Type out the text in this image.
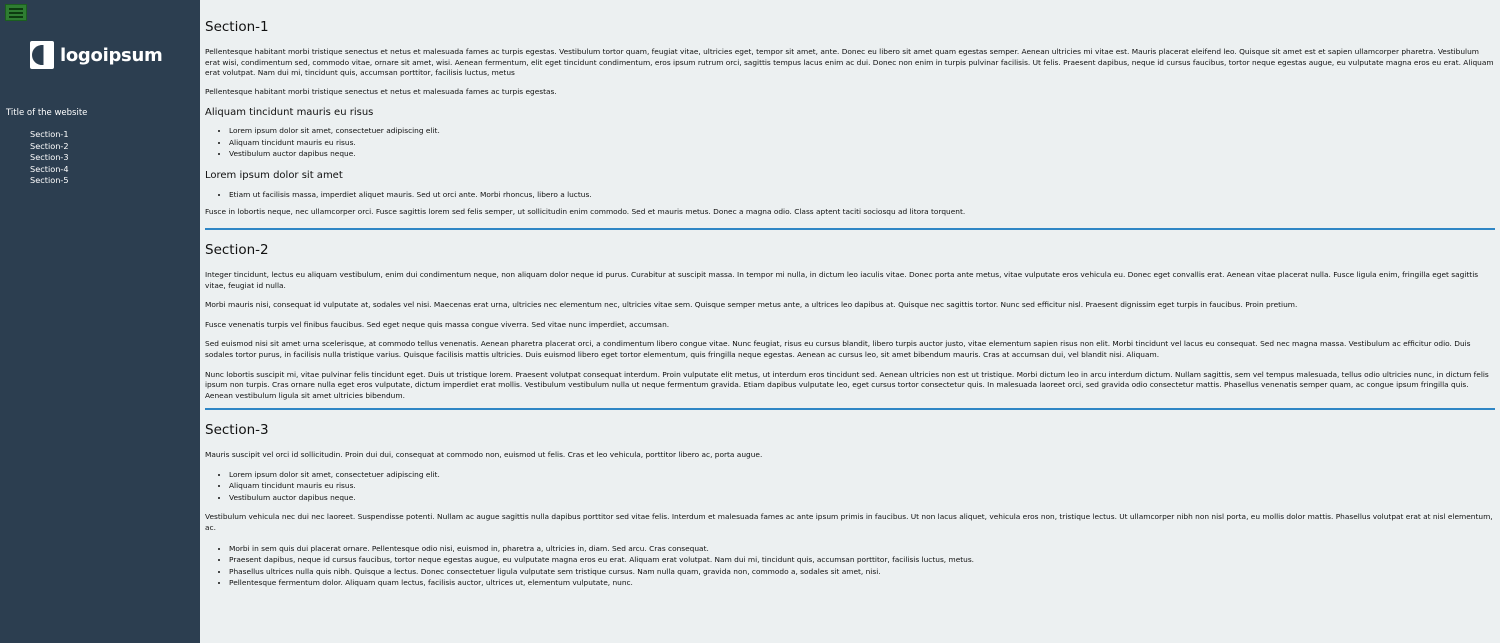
logoipsum
Title of the website
Section-1
Section-2
Section-3
Section-4
Section-5
Section-1

Pellentesque habitant morbi tristique senectus et netus et malesuada fames ac turpis egestas. Vestibulum tortor quam, feugiat vitae, ultricies eget, tempor sit amet, ante. Donec eu libero sit amet quam egestas semper. Aenean ultricies mi vitae est. Mauris placerat eleifend leo. Quisque sit amet est et sapien ullamcorper pharetra. Vestibulum erat wisi, condimentum sed, commodo vitae, ornare sit amet, wisi. Aenean fermentum, elit eget tincidunt condimentum, eros ipsum rutrum orci, sagittis tempus lacus enim ac dui. Donec non enim in turpis pulvinar facilisis. Ut felis. Praesent dapibus, neque id cursus faucibus, tortor neque egestas augue, eu vulputate magna eros eu erat. Aliquam erat volutpat. Nam dui mi, tincidunt quis, accumsan porttitor, facilisis luctus, metus

Pellentesque habitant morbi tristique senectus et netus et malesuada fames ac turpis egestas.

Aliquam tincidunt mauris eu risus
• Lorem ipsum dolor sit amet, consectetuer adipiscing elit.
• Aliquam tincidunt mauris eu risus.
• Vestibulum auctor dapibus neque.
Lorem ipsum dolor sit amet
• Etiam ut facilisis massa, imperdiet aliquet mauris. Sed ut orci ante. Morbi rhoncus, libero a luctus.

Fusce in lobortis neque, nec ullamcorper orci. Fusce sagittis lorem sed felis semper, ut sollicitudin enim commodo. Sed et mauris metus. Donec a magna odio. Class aptent taciti sociosqu ad litora torquent.

Section-2

Integer tincidunt, lectus eu aliquam vestibulum, enim dui condimentum neque, non aliquam dolor neque id purus. Curabitur at suscipit massa. In tempor mi nulla, in dictum leo iaculis vitae. Donec porta ante metus, vitae vulputate eros vehicula eu. Donec eget convallis erat. Aenean vitae placerat nulla. Fusce ligula enim, fringilla eget sagittis vitae, feugiat id nulla.

Morbi mauris nisi, consequat id vulputate at, sodales vel nisi. Maecenas erat urna, ultricies nec elementum nec, ultricies vitae sem. Quisque semper metus ante, a ultrices leo dapibus at. Quisque nec sagittis tortor. Nunc sed efficitur nisl. Praesent dignissim eget turpis in faucibus. Proin pretium.

Fusce venenatis turpis vel finibus faucibus. Sed eget neque quis massa congue viverra. Sed vitae nunc imperdiet, accumsan.

Sed euismod nisi sit amet urna scelerisque, at commodo tellus venenatis. Aenean pharetra placerat orci, a condimentum libero congue vitae. Nunc feugiat, risus eu cursus blandit, libero turpis auctor justo, vitae elementum sapien risus non elit. Morbi tincidunt vel lacus eu consequat. Sed nec magna massa. Vestibulum ac efficitur odio. Duis sodales tortor purus, in facilisis nulla tristique varius. Quisque facilisis mattis ultricies. Duis euismod libero eget tortor elementum, quis fringilla neque egestas. Aenean ac cursus leo, sit amet bibendum mauris. Cras at accumsan dui, vel blandit nisi. Aliquam.

Nunc lobortis suscipit mi, vitae pulvinar felis tincidunt eget. Duis ut tristique lorem. Praesent volutpat consequat interdum. Proin vulputate elit metus, ut interdum eros tincidunt sed. Aenean ultricies non est ut tristique. Morbi dictum leo in arcu interdum dictum. Nullam sagittis, sem vel tempus malesuada, tellus odio ultricies nunc, in dictum felis ipsum non turpis. Cras ornare nulla eget eros vulputate, dictum imperdiet erat mollis. Vestibulum vestibulum nulla ut neque fermentum gravida. Etiam dapibus vulputate leo, eget cursus tortor consectetur quis. In malesuada laoreet orci, sed gravida odio consectetur mattis. Phasellus venenatis semper quam, ac congue ipsum fringilla quis. Aenean vestibulum ligula sit amet ultricies bibendum.

Section-3

Mauris suscipit vel orci id sollicitudin. Proin dui dui, consequat at commodo non, euismod ut felis. Cras et leo vehicula, porttitor libero ac, porta augue.

• Lorem ipsum dolor sit amet, consectetuer adipiscing elit.
• Aliquam tincidunt mauris eu risus.
• Vestibulum auctor dapibus neque.

Vestibulum vehicula nec dui nec laoreet. Suspendisse potenti. Nullam ac augue sagittis nulla dapibus porttitor sed vitae felis. Interdum et malesuada fames ac ante ipsum primis in faucibus. Ut non lacus aliquet, vehicula eros non, tristique lectus. Ut ullamcorper nibh non nisl porta, eu mollis dolor mattis. Phasellus volutpat erat at nisl elementum, ac.

• Morbi in sem quis dui placerat ornare. Pellentesque odio nisi, euismod in, pharetra a, ultricies in, diam. Sed arcu. Cras consequat.
• Praesent dapibus, neque id cursus faucibus, tortor neque egestas augue, eu vulputate magna eros eu erat. Aliquam erat volutpat. Nam dui mi, tincidunt quis, accumsan porttitor, facilisis luctus, metus.
• Phasellus ultrices nulla quis nibh. Quisque a lectus. Donec consectetuer ligula vulputate sem tristique cursus. Nam nulla quam, gravida non, commodo a, sodales sit amet, nisi.
• Pellentesque fermentum dolor. Aliquam quam lectus, facilisis auctor, ultrices ut, elementum vulputate, nunc.
